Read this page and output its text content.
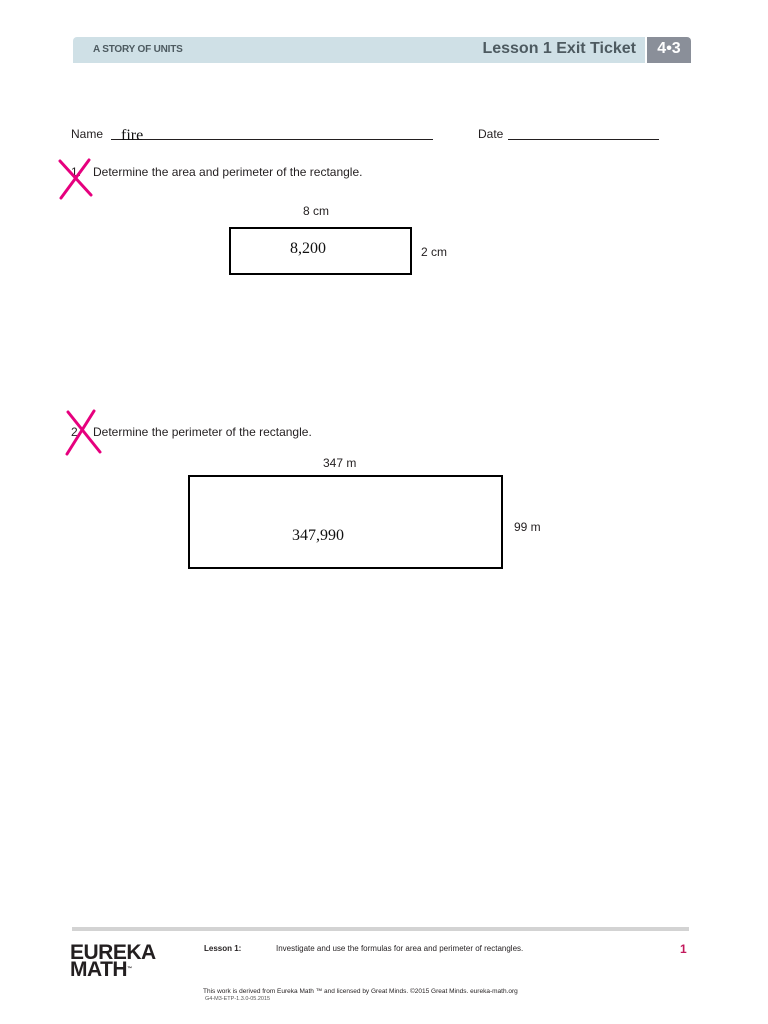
A STORY OF UNITS	Lesson 1 Exit Ticket	4•3
Name fire	Date
1. Determine the area and perimeter of the rectangle.
8 cm
8,200	2 cm
2. Determine the perimeter of the rectangle.
347 m
347,990	99 m
EUREKA
MATH™
Lesson 1:	Investigate and use the formulas for area and perimeter of rectangles.	1
This work is derived from Eureka Math ™ and licensed by Great Minds. ©2015 Great Minds. eureka-math.org
G4-M3-ETP-1.3.0-05.2015
